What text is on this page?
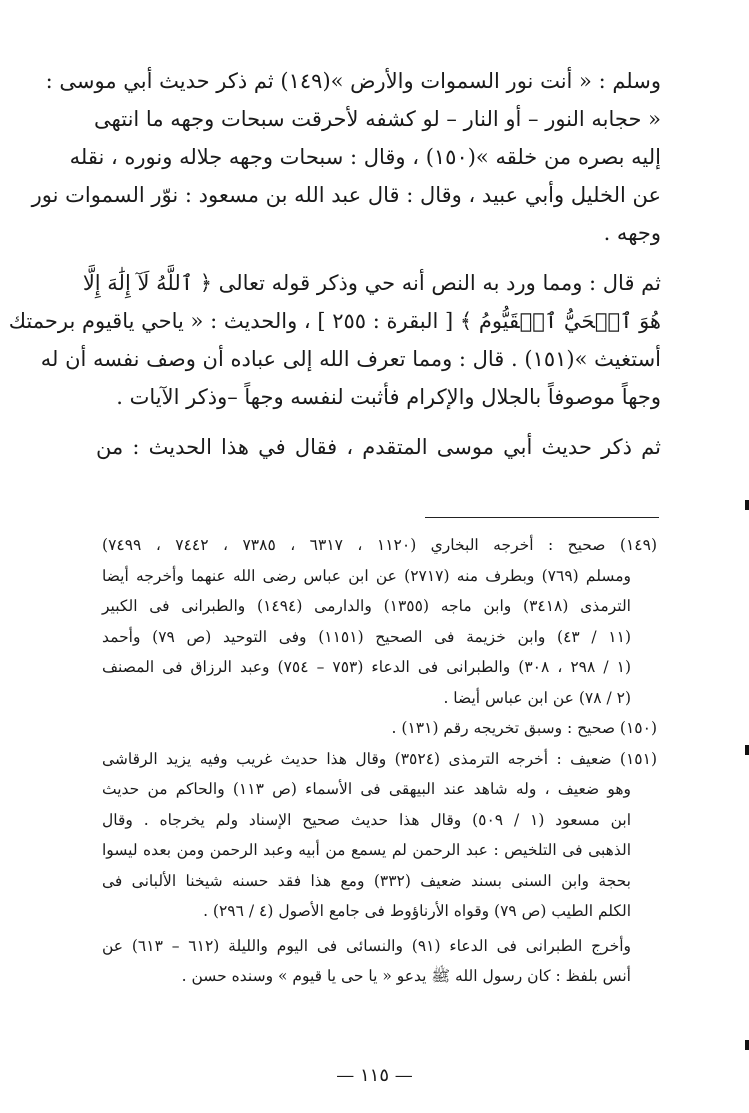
وسلم : « أنت نور السموات والأرض »(١٤٩) ثم ذكر حديث أبي موسى :
« حجابه النور – أو النار – لو كشفه لأحرقت سبحات وجهه ما انتهى
إليه بصره من خلقه »(١٥٠) ، وقال : سبحات وجهه جلاله ونوره ، نقله
عن الخليل وأبي عبيد ، وقال : قال عبد الله بن مسعود : نوّر السموات نور
وجهه .
ثم قال : ومما ورد به النص أنه حي وذكر قوله تعالى ﴿ ٱللَّهُ لَآ إِلَٰهَ إِلَّا
هُوَ ٱلۡحَيُّ ٱلۡقَيُّومُ ﴾ [ البقرة : ٢٥٥ ] ، والحديث : « ياحي ياقيوم برحمتك
أستغيث »(١٥١) . قال : ومما تعرف الله إلى عباده أن وصف نفسه أن له
وجهاً موصوفاً بالجلال والإكرام فأثبت لنفسه وجهاً –وذكر الآيات .
ثم ذكر حديث أبي موسى المتقدم ، فقال في هذا الحديث : من
(١٤٩) صحيح : أخرجه البخاري (١١٢٠ ، ٦٣١٧ ، ٧٣٨٥ ، ٧٤٤٢ ، ٧٤٩٩)
ومسلم (٧٦٩) وبطرف منه (٢٧١٧) عن ابن عباس رضى الله عنهما وأخرجه أيضا
الترمذى (٣٤١٨) وابن ماجه (١٣٥٥) والدارمى (١٤٩٤) والطبرانى فى الكبير
(١١ / ٤٣) وابن خزيمة فى الصحيح (١١٥١) وفى التوحيد (ص ٧٩) وأحمد
(١ / ٢٩٨ ، ٣٠٨) والطبرانى فى الدعاء (٧٥٣ – ٧٥٤) وعبد الرزاق فى المصنف
(٢ / ٧٨) عن ابن عباس أيضا .
(١٥٠) صحيح : وسبق تخريجه رقم (١٣١) .
(١٥١) ضعيف : أخرجه الترمذى (٣٥٢٤) وقال هذا حديث غريب وفيه يزيد الرقاشى
وهو ضعيف ، وله شاهد عند البيهقى فى الأسماء (ص ١١٣) والحاكم من حديث
ابن مسعود (١ / ٥٠٩) وقال هذا حديث صحيح الإسناد ولم يخرجاه . وقال
الذهبى فى التلخيص : عبد الرحمن لم يسمع من أبيه وعبد الرحمن ومن بعده ليسوا
بحجة وابن السنى بسند ضعيف (٣٣٢) ومع هذا فقد حسنه شيخنا الألبانى فى
الكلم الطيب (ص ٧٩) وقواه الأرناؤوط فى جامع الأصول (٤ / ٢٩٦) .
وأخرج الطبرانى فى الدعاء (٩١) والنسائى فى اليوم والليلة (٦١٢ – ٦١٣) عن
أنس بلفظ : كان رسول الله ﷺ يدعو « يا حى يا قيوم » وسنده حسن .
— ١١٥ —
